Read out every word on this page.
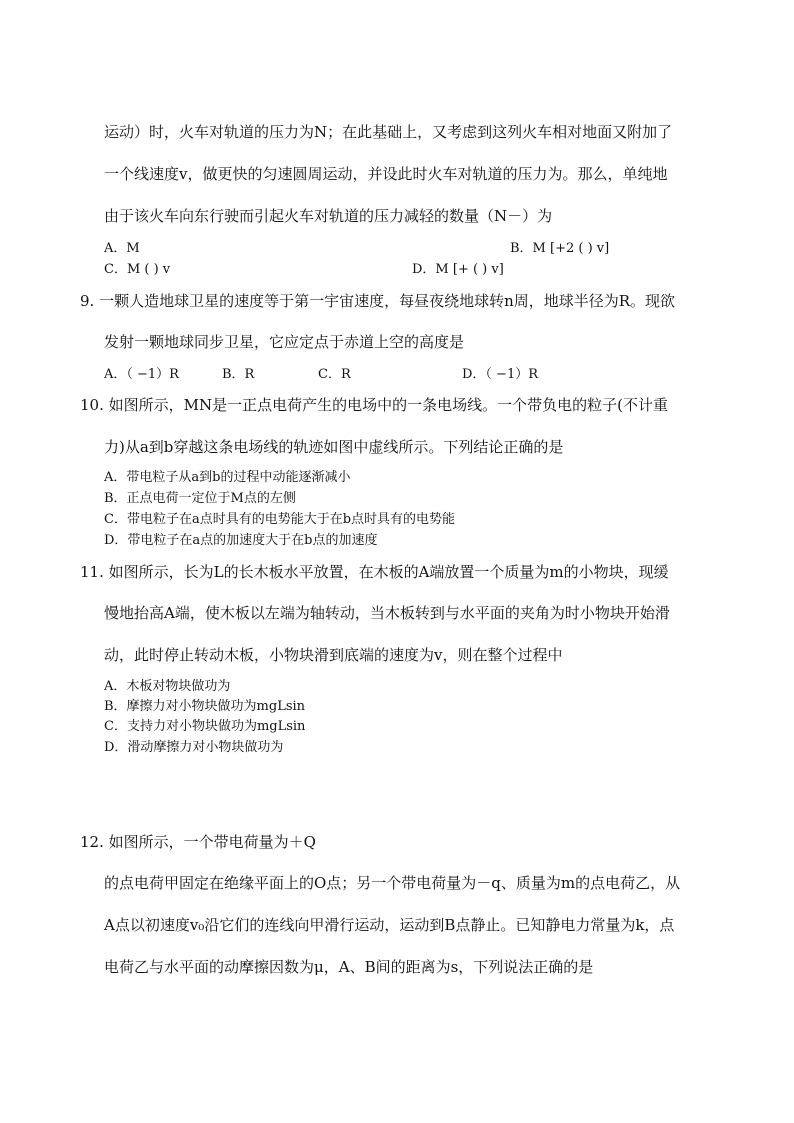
运动）时，火车对轨道的压力为N；在此基础上，又考虑到这列火车相对地面又附加了
一个线速度v，做更快的匀速圆周运动，并设此时火车对轨道的压力为。那么，单纯地
由于该火车向东行驶而引起火车对轨道的压力减轻的数量（N－）为
A．M	B．M [+2 ( ) v]
C．M ( ) v	D．M [+ ( ) v]
9. 一颗人造地球卫星的速度等于第一宇宙速度，每昼夜绕地球转n周，地球半径为R。现欲
发射一颗地球同步卫星，它应定点于赤道上空的高度是
A．（ −1）R	B．R	C．R	D．（ −1）R
10. 如图所示，MN是一正点电荷产生的电场中的一条电场线。一个带负电的粒子(不计重
力)从a到b穿越这条电场线的轨迹如图中虚线所示。下列结论正确的是
A．带电粒子从a到b的过程中动能逐渐减小
B．正点电荷一定位于M点的左侧
C．带电粒子在a点时具有的电势能大于在b点时具有的电势能
D．带电粒子在a点的加速度大于在b点的加速度
11. 如图所示，长为L的长木板水平放置，在木板的A端放置一个质量为m的小物块，现缓
慢地抬高A端，使木板以左端为轴转动，当木板转到与水平面的夹角为时小物块开始滑
动，此时停止转动木板，小物块滑到底端的速度为v，则在整个过程中
A．木板对物块做功为
B．摩擦力对小物块做功为mgLsin
C．支持力对小物块做功为mgLsin
D．滑动摩擦力对小物块做功为
12. 如图所示，一个带电荷量为＋Q
的点电荷甲固定在绝缘平面上的O点；另一个带电荷量为－q、质量为m的点电荷乙，从
A点以初速度v₀沿它们的连线向甲滑行运动，运动到B点静止。已知静电力常量为k，点
电荷乙与水平面的动摩擦因数为μ，A、B间的距离为s，下列说法正确的是
